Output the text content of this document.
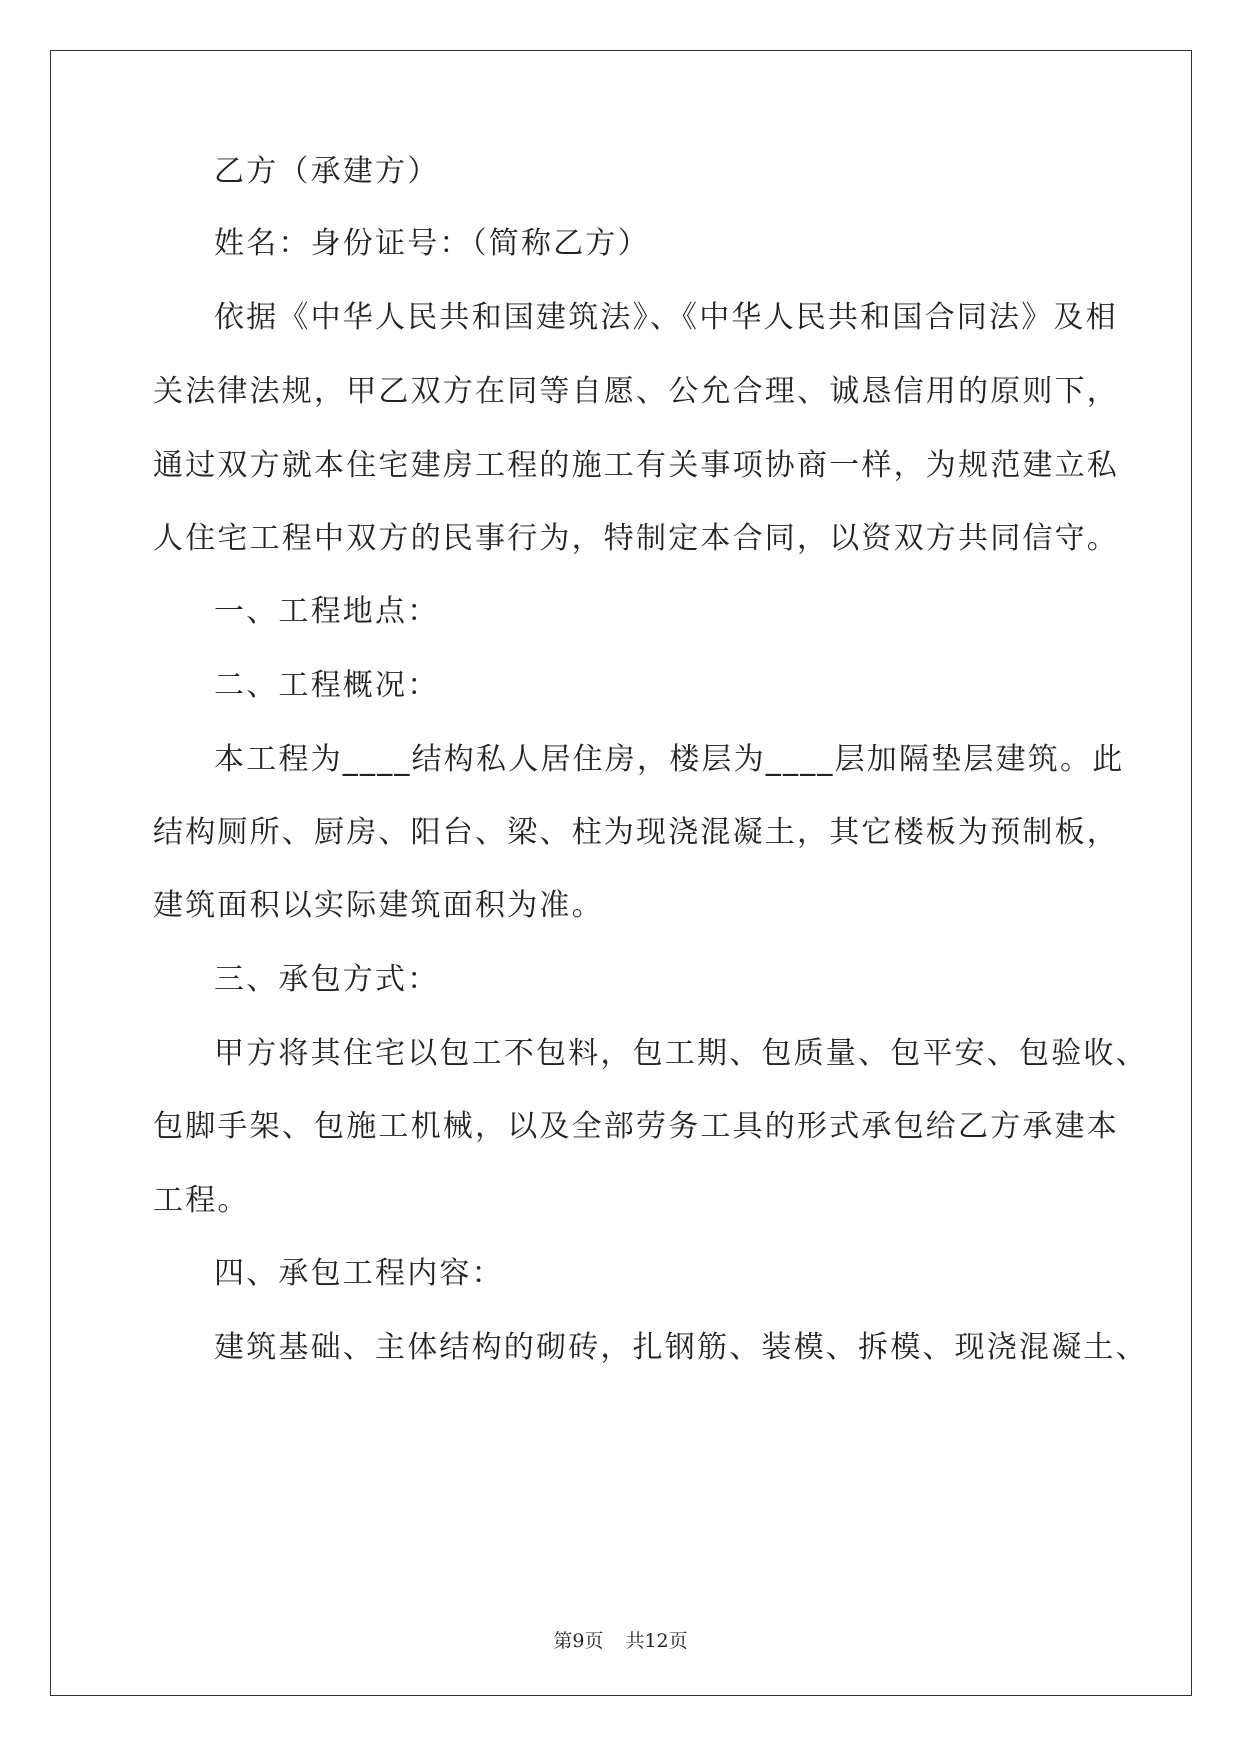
乙方（承建方）
姓名：身份证号：（简称乙方）
依据《中华人民共和国建筑法》、《中华人民共和国合同法》及相
关法律法规，甲乙双方在同等自愿、公允合理、诚恳信用的原则下，
通过双方就本住宅建房工程的施工有关事项协商一样，为规范建立私
人住宅工程中双方的民事行为，特制定本合同，以资双方共同信守。
一、工程地点：
二、工程概况：
本工程为____结构私人居住房，楼层为____层加隔垫层建筑。此
结构厕所、厨房、阳台、梁、柱为现浇混凝土，其它楼板为预制板，
建筑面积以实际建筑面积为准。
三、承包方式：
甲方将其住宅以包工不包料，包工期、包质量、包平安、包验收、
包脚手架、包施工机械，以及全部劳务工具的形式承包给乙方承建本
工程。
四、承包工程内容：
建筑基础、主体结构的砌砖，扎钢筋、装模、拆模、现浇混凝土、
第9页 共12页
